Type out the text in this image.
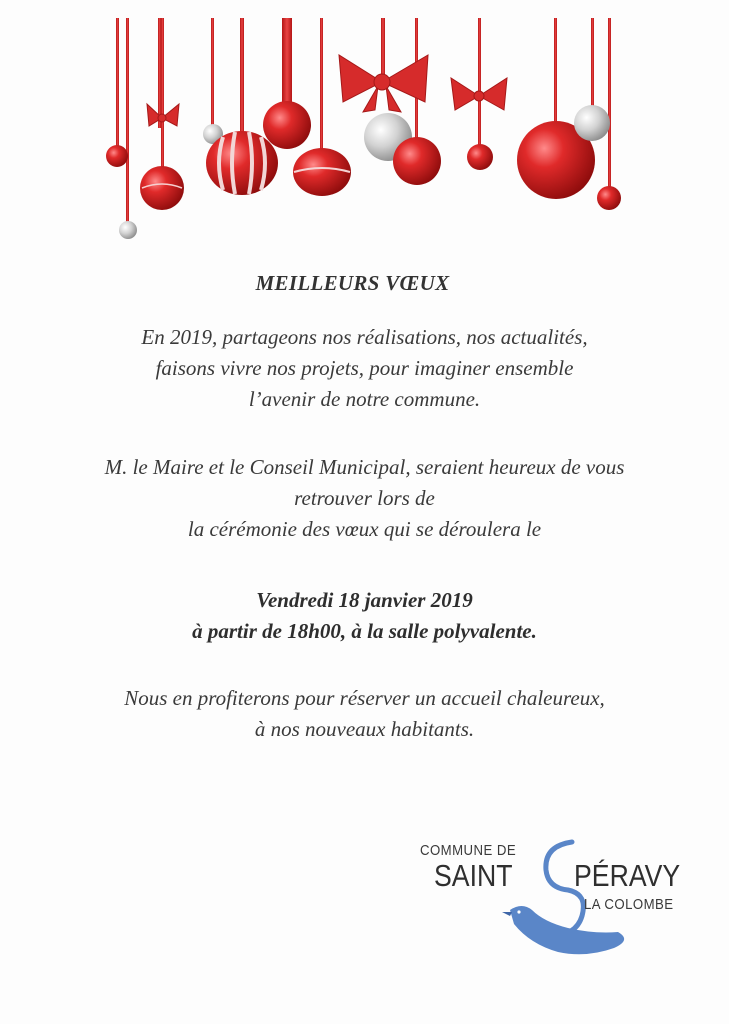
MEILLEURS VŒUX
En 2019, partageons nos réalisations, nos actualités,
faisons vivre nos projets, pour imaginer ensemble
l’avenir de notre commune.
M. le Maire et le Conseil Municipal, seraient heureux de vous
retrouver lors de
la cérémonie des vœux qui se déroulera le
Vendredi 18 janvier 2019
à partir de 18h00, à la salle polyvalente.
Nous en profiterons pour réserver un accueil chaleureux,
à nos nouveaux habitants.
COMMUNE DE
SAINT PÉRAVY
LA COLOMBE
